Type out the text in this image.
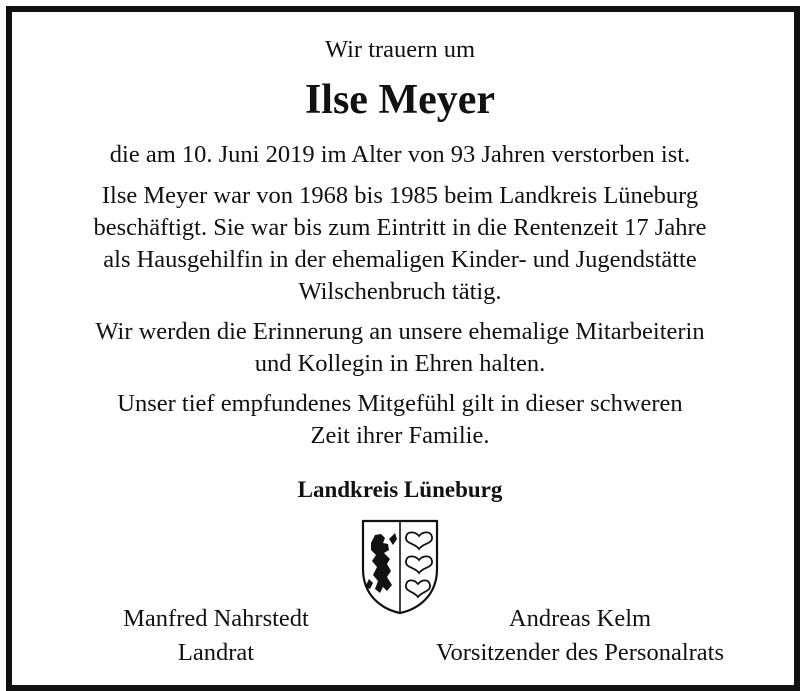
Wir trauern um
Ilse Meyer
die am 10. Juni 2019 im Alter von 93 Jahren verstorben ist.
Ilse Meyer war von 1968 bis 1985 beim Landkreis Lüneburg
beschäftigt. Sie war bis zum Eintritt in die Rentenzeit 17 Jahre
als Hausgehilfin in der ehemaligen Kinder- und Jugendstätte
Wilschenbruch tätig.
Wir werden die Erinnerung an unsere ehemalige Mitarbeiterin
und Kollegin in Ehren halten.
Unser tief empfundenes Mitgefühl gilt in dieser schweren
Zeit ihrer Familie.
Landkreis Lüneburg
Manfred Nahrstedt
Landrat
Andreas Kelm
Vorsitzender des Personalrats
